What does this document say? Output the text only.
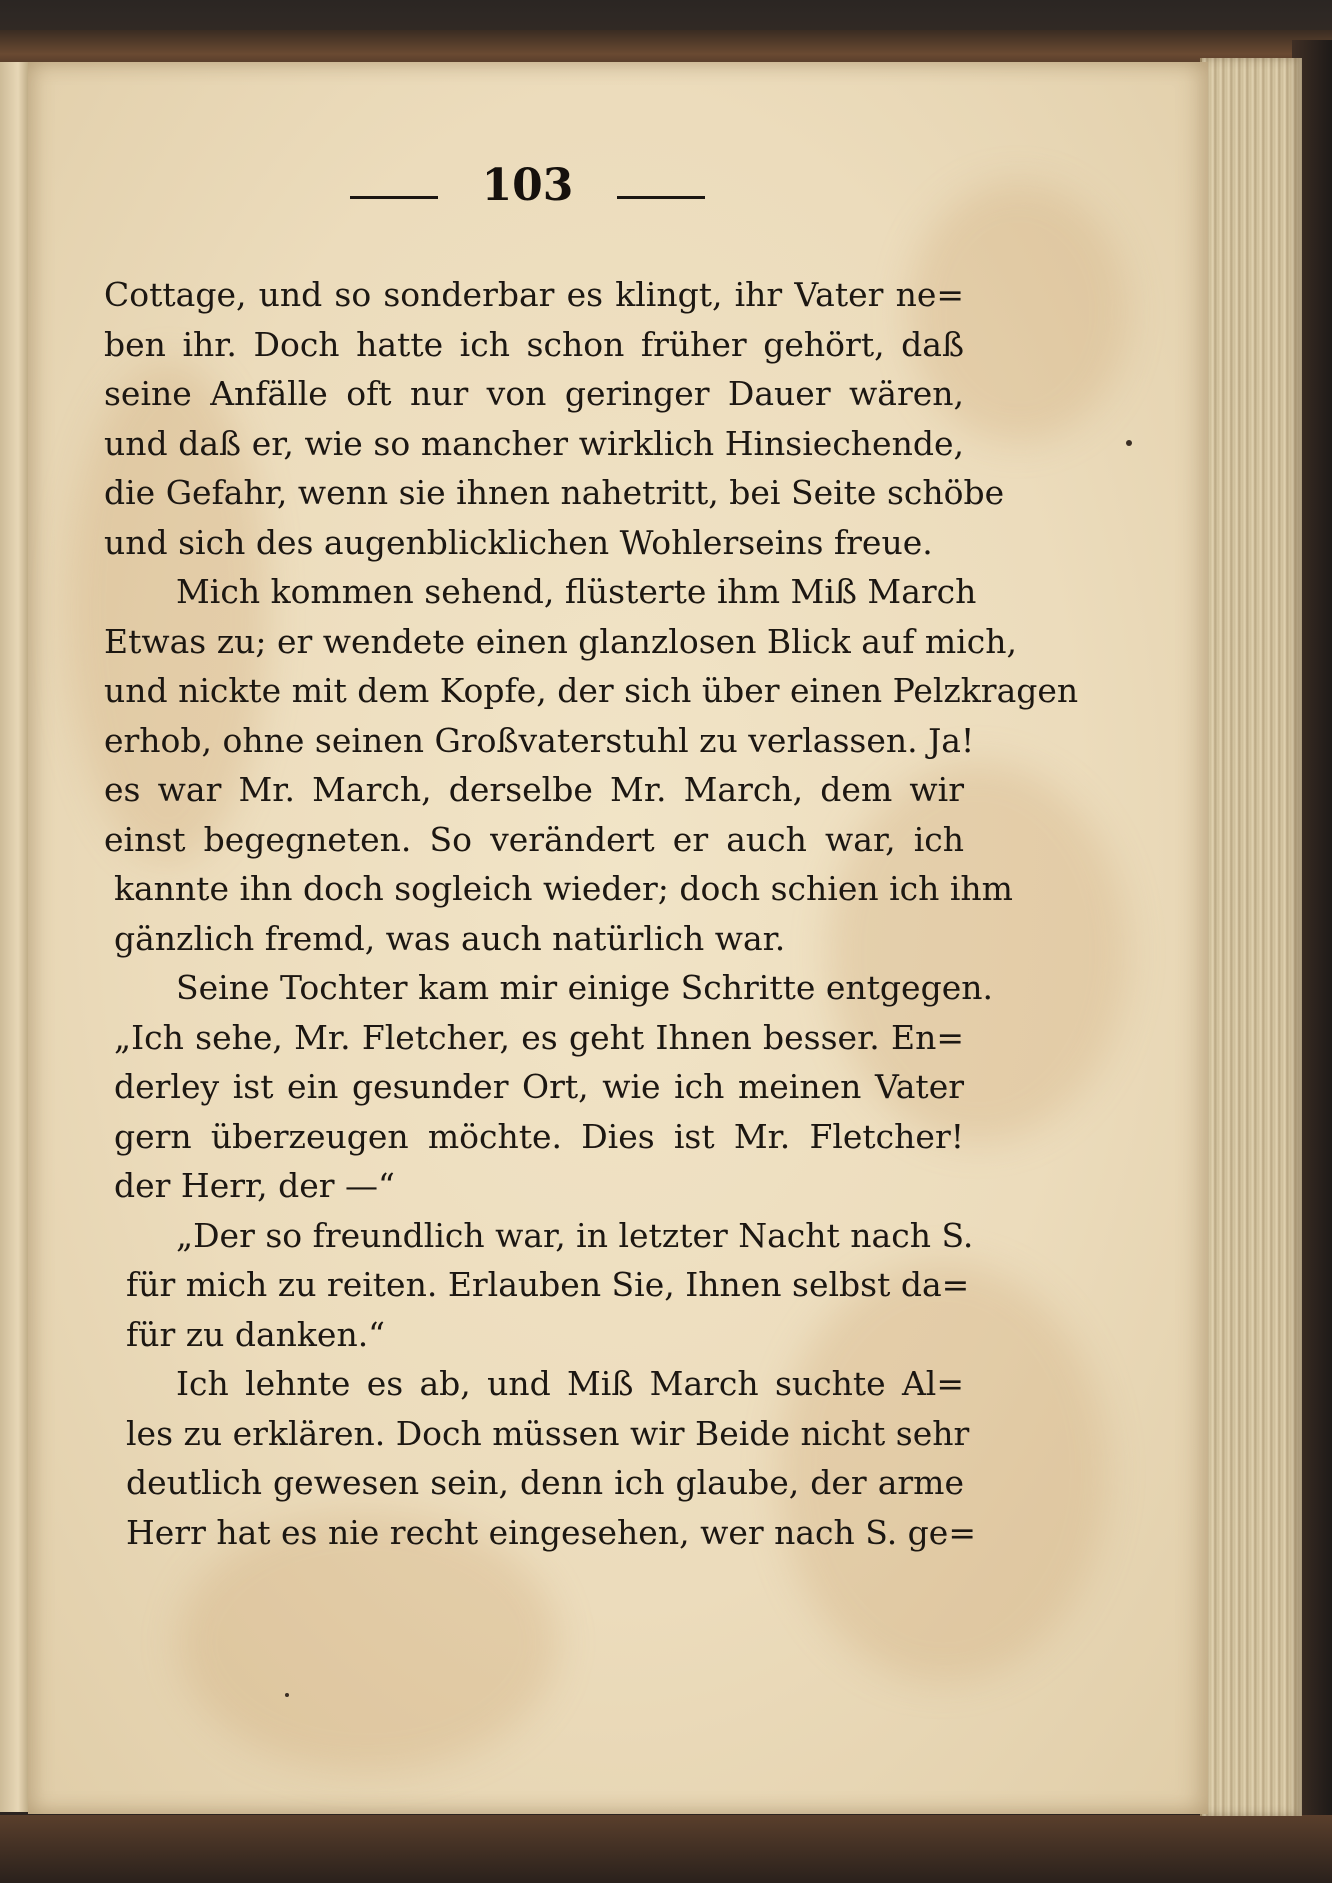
103
Cottage, und so sonderbar es klingt, ihr Vater ne=
ben ihr. Doch hatte ich schon früher gehört, daß
seine Anfälle oft nur von geringer Dauer wären,
und daß er, wie so mancher wirklich Hinsiechende,
die Gefahr, wenn sie ihnen nahetritt, bei Seite schöbe
und sich des augenblicklichen Wohlerseins freue.
Mich kommen sehend, flüsterte ihm Miß March
Etwas zu; er wendete einen glanzlosen Blick auf mich,
und nickte mit dem Kopfe, der sich über einen Pelzkragen
erhob, ohne seinen Großvaterstuhl zu verlassen. Ja!
es war Mr. March, derselbe Mr. March, dem wir
einst begegneten. So verändert er auch war, ich
kannte ihn doch sogleich wieder; doch schien ich ihm
gänzlich fremd, was auch natürlich war.
Seine Tochter kam mir einige Schritte entgegen.
„Ich sehe, Mr. Fletcher, es geht Ihnen besser. En=
derley ist ein gesunder Ort, wie ich meinen Vater
gern überzeugen möchte. Dies ist Mr. Fletcher!
der Herr, der —“
„Der so freundlich war, in letzter Nacht nach S.
für mich zu reiten. Erlauben Sie, Ihnen selbst da=
für zu danken.“
Ich lehnte es ab, und Miß March suchte Al=
les zu erklären. Doch müssen wir Beide nicht sehr
deutlich gewesen sein, denn ich glaube, der arme
Herr hat es nie recht eingesehen, wer nach S. ge=
